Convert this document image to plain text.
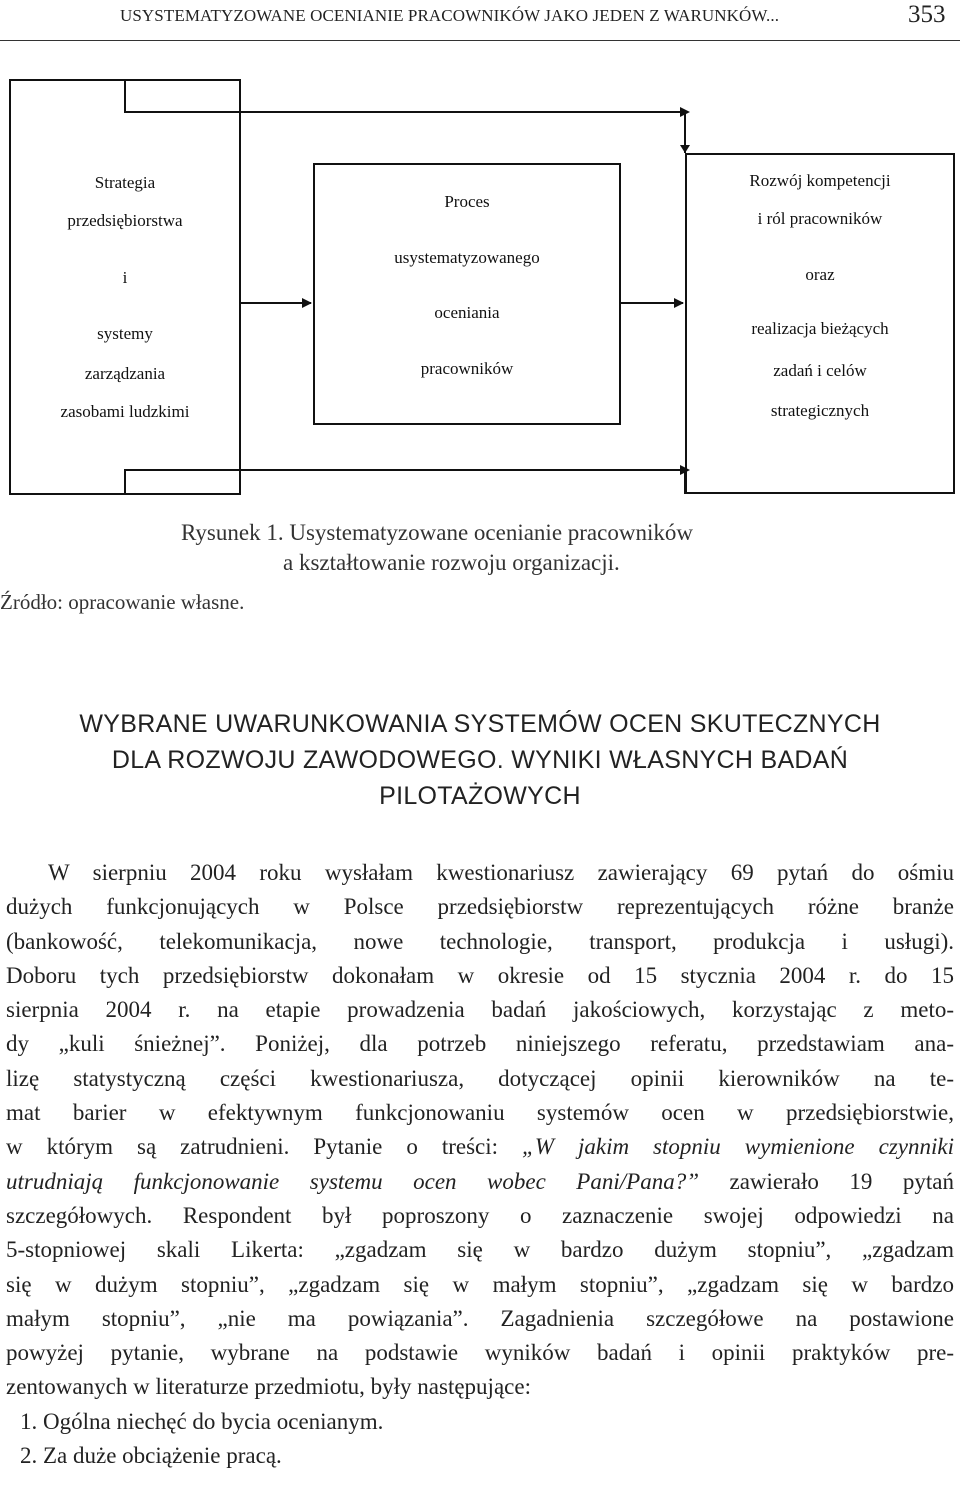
USYSTEMATYZOWANE OCENIANIE PRACOWNIKÓW JAKO JEDEN Z WARUNKÓW...	353
Strategia
przedsiębiorstwa
i
systemy
zarządzania
zasobami ludzkimi
Proces
usystematyzowanego
oceniania
pracowników
Rozwój kompetencji
i ról pracowników
oraz
realizacja bieżących
zadań i celów
strategicznych
Rysunek 1. Usystematyzowane ocenianie pracowników
a kształtowanie rozwoju organizacji.
Źródło: opracowanie własne.
WYBRANE UWARUNKOWANIA SYSTEMÓW OCEN SKUTECZNYCH
DLA ROZWOJU ZAWODOWEGO. WYNIKI WŁASNYCH BADAŃ
PILOTAŻOWYCH
W sierpniu 2004 roku wysłałam kwestionariusz zawierający 69 pytań do ośmiu
dużych funkcjonujących w Polsce przedsiębiorstw reprezentujących różne branże
(bankowość, telekomunikacja, nowe technologie, transport, produkcja i usługi).
Doboru tych przedsiębiorstw dokonałam w okresie od 15 stycznia 2004 r. do 15
sierpnia 2004 r. na etapie prowadzenia badań jakościowych, korzystając z meto-
dy „kuli śnieżnej”. Poniżej, dla potrzeb niniejszego referatu, przedstawiam ana-
lizę statystyczną części kwestionariusza, dotyczącej opinii kierowników na te-
mat barier w efektywnym funkcjonowaniu systemów ocen w przedsiębiorstwie,
w którym są zatrudnieni. Pytanie o treści: „W jakim stopniu wymienione czynniki
utrudniają funkcjonowanie systemu ocen wobec Pani/Pana?” zawierało 19 pytań
szczegółowych. Respondent był poproszony o zaznaczenie swojej odpowiedzi na
5-stopniowej skali Likerta: „zgadzam się w bardzo dużym stopniu”, „zgadzam
się w dużym stopniu”, „zgadzam się w małym stopniu”, „zgadzam się w bardzo
małym stopniu”, „nie ma powiązania”. Zagadnienia szczegółowe na postawione
powyżej pytanie, wybrane na podstawie wyników badań i opinii praktyków pre-
zentowanych w literaturze przedmiotu, były następujące:
1. Ogólna niechęć do bycia ocenianym.
2. Za duże obciążenie pracą.
